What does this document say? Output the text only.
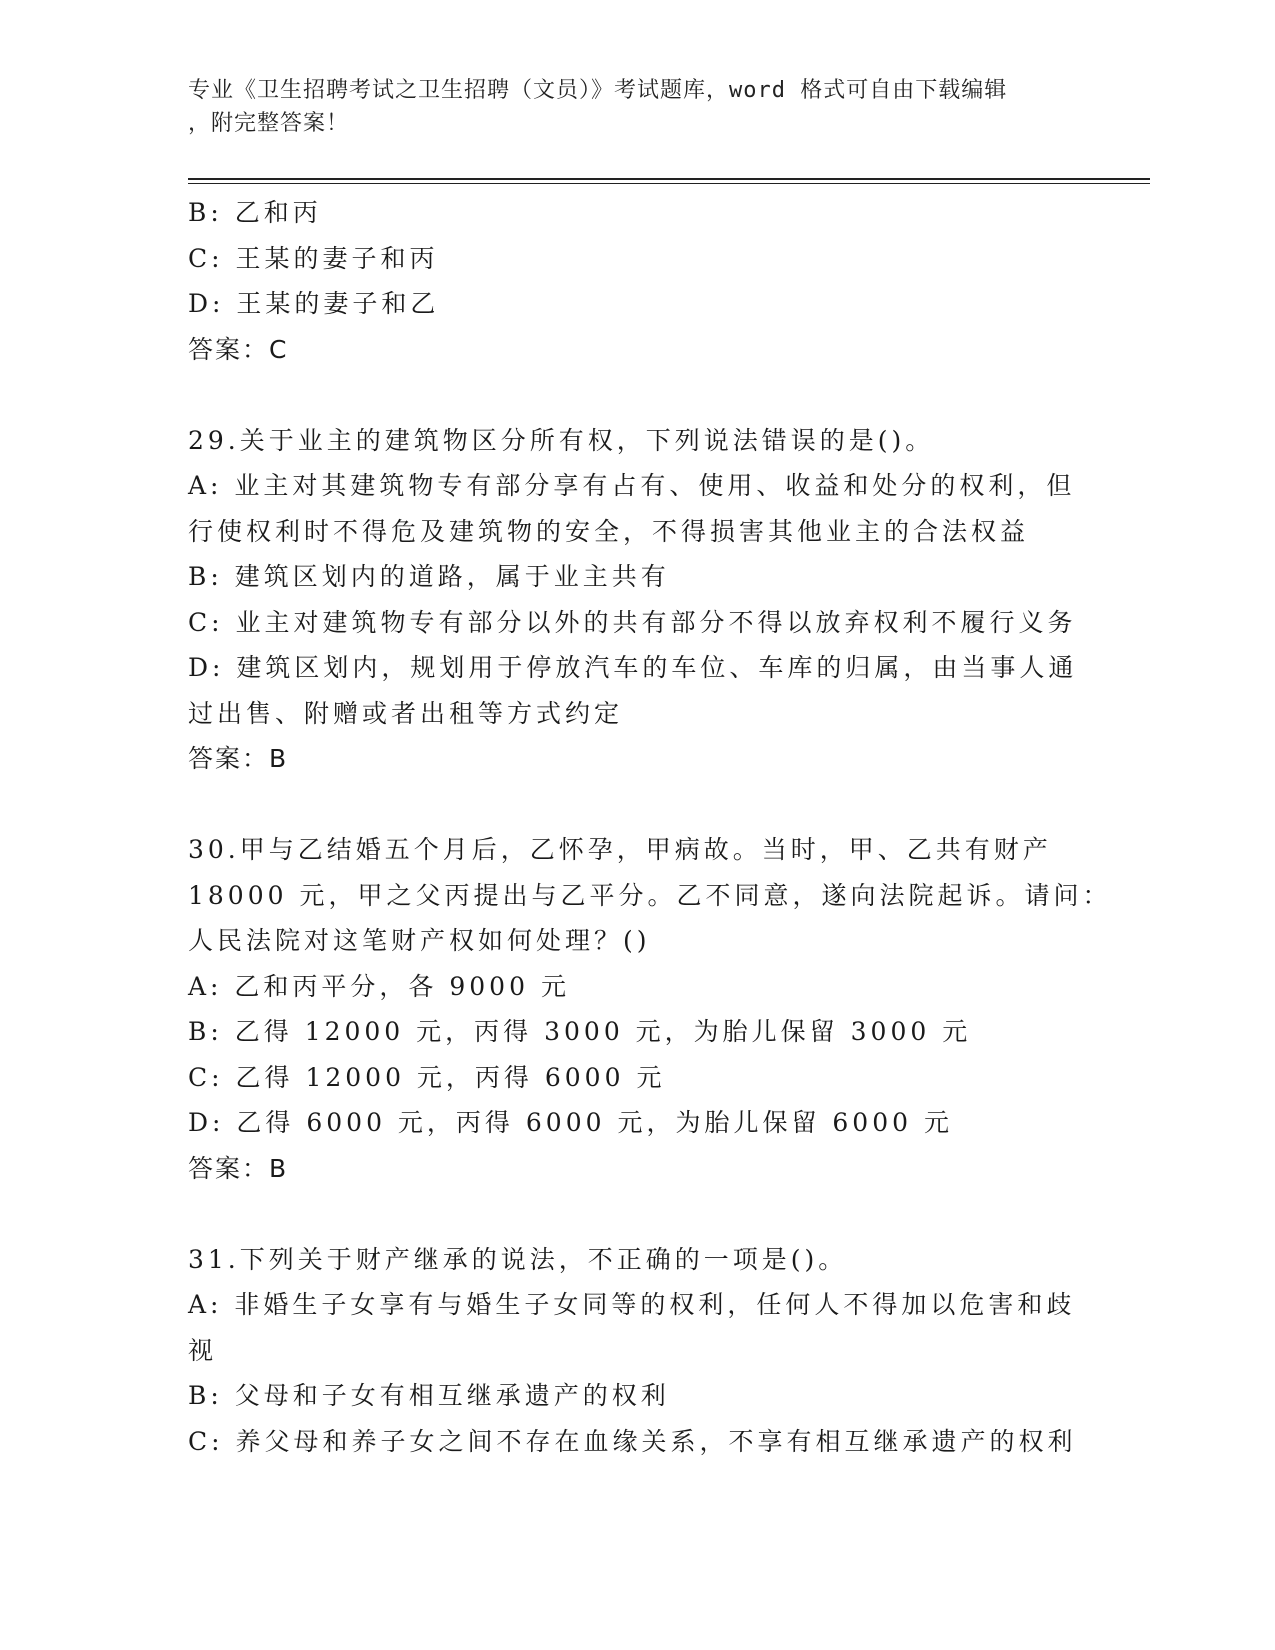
专业《卫生招聘考试之卫生招聘（文员）》考试题库，word 格式可自由下载编辑
，附完整答案！
B: 乙和丙
C: 王某的妻子和丙
D: 王某的妻子和乙
答案：C
29.关于业主的建筑物区分所有权，下列说法错误的是()。
A: 业主对其建筑物专有部分享有占有、使用、收益和处分的权利，但
行使权利时不得危及建筑物的安全，不得损害其他业主的合法权益
B: 建筑区划内的道路，属于业主共有
C: 业主对建筑物专有部分以外的共有部分不得以放弃权利不履行义务
D: 建筑区划内，规划用于停放汽车的车位、车库的归属，由当事人通
过出售、附赠或者出租等方式约定
答案：B
30.甲与乙结婚五个月后，乙怀孕，甲病故。当时，甲、乙共有财产
18000 元，甲之父丙提出与乙平分。乙不同意，遂向法院起诉。请问：
人民法院对这笔财产权如何处理？()
A: 乙和丙平分，各 9000 元
B: 乙得 12000 元，丙得 3000 元，为胎儿保留 3000 元
C: 乙得 12000 元，丙得 6000 元
D: 乙得 6000 元，丙得 6000 元，为胎儿保留 6000 元
答案：B
31.下列关于财产继承的说法，不正确的一项是()。
A: 非婚生子女享有与婚生子女同等的权利，任何人不得加以危害和歧
视
B: 父母和子女有相互继承遗产的权利
C: 养父母和养子女之间不存在血缘关系，不享有相互继承遗产的权利
